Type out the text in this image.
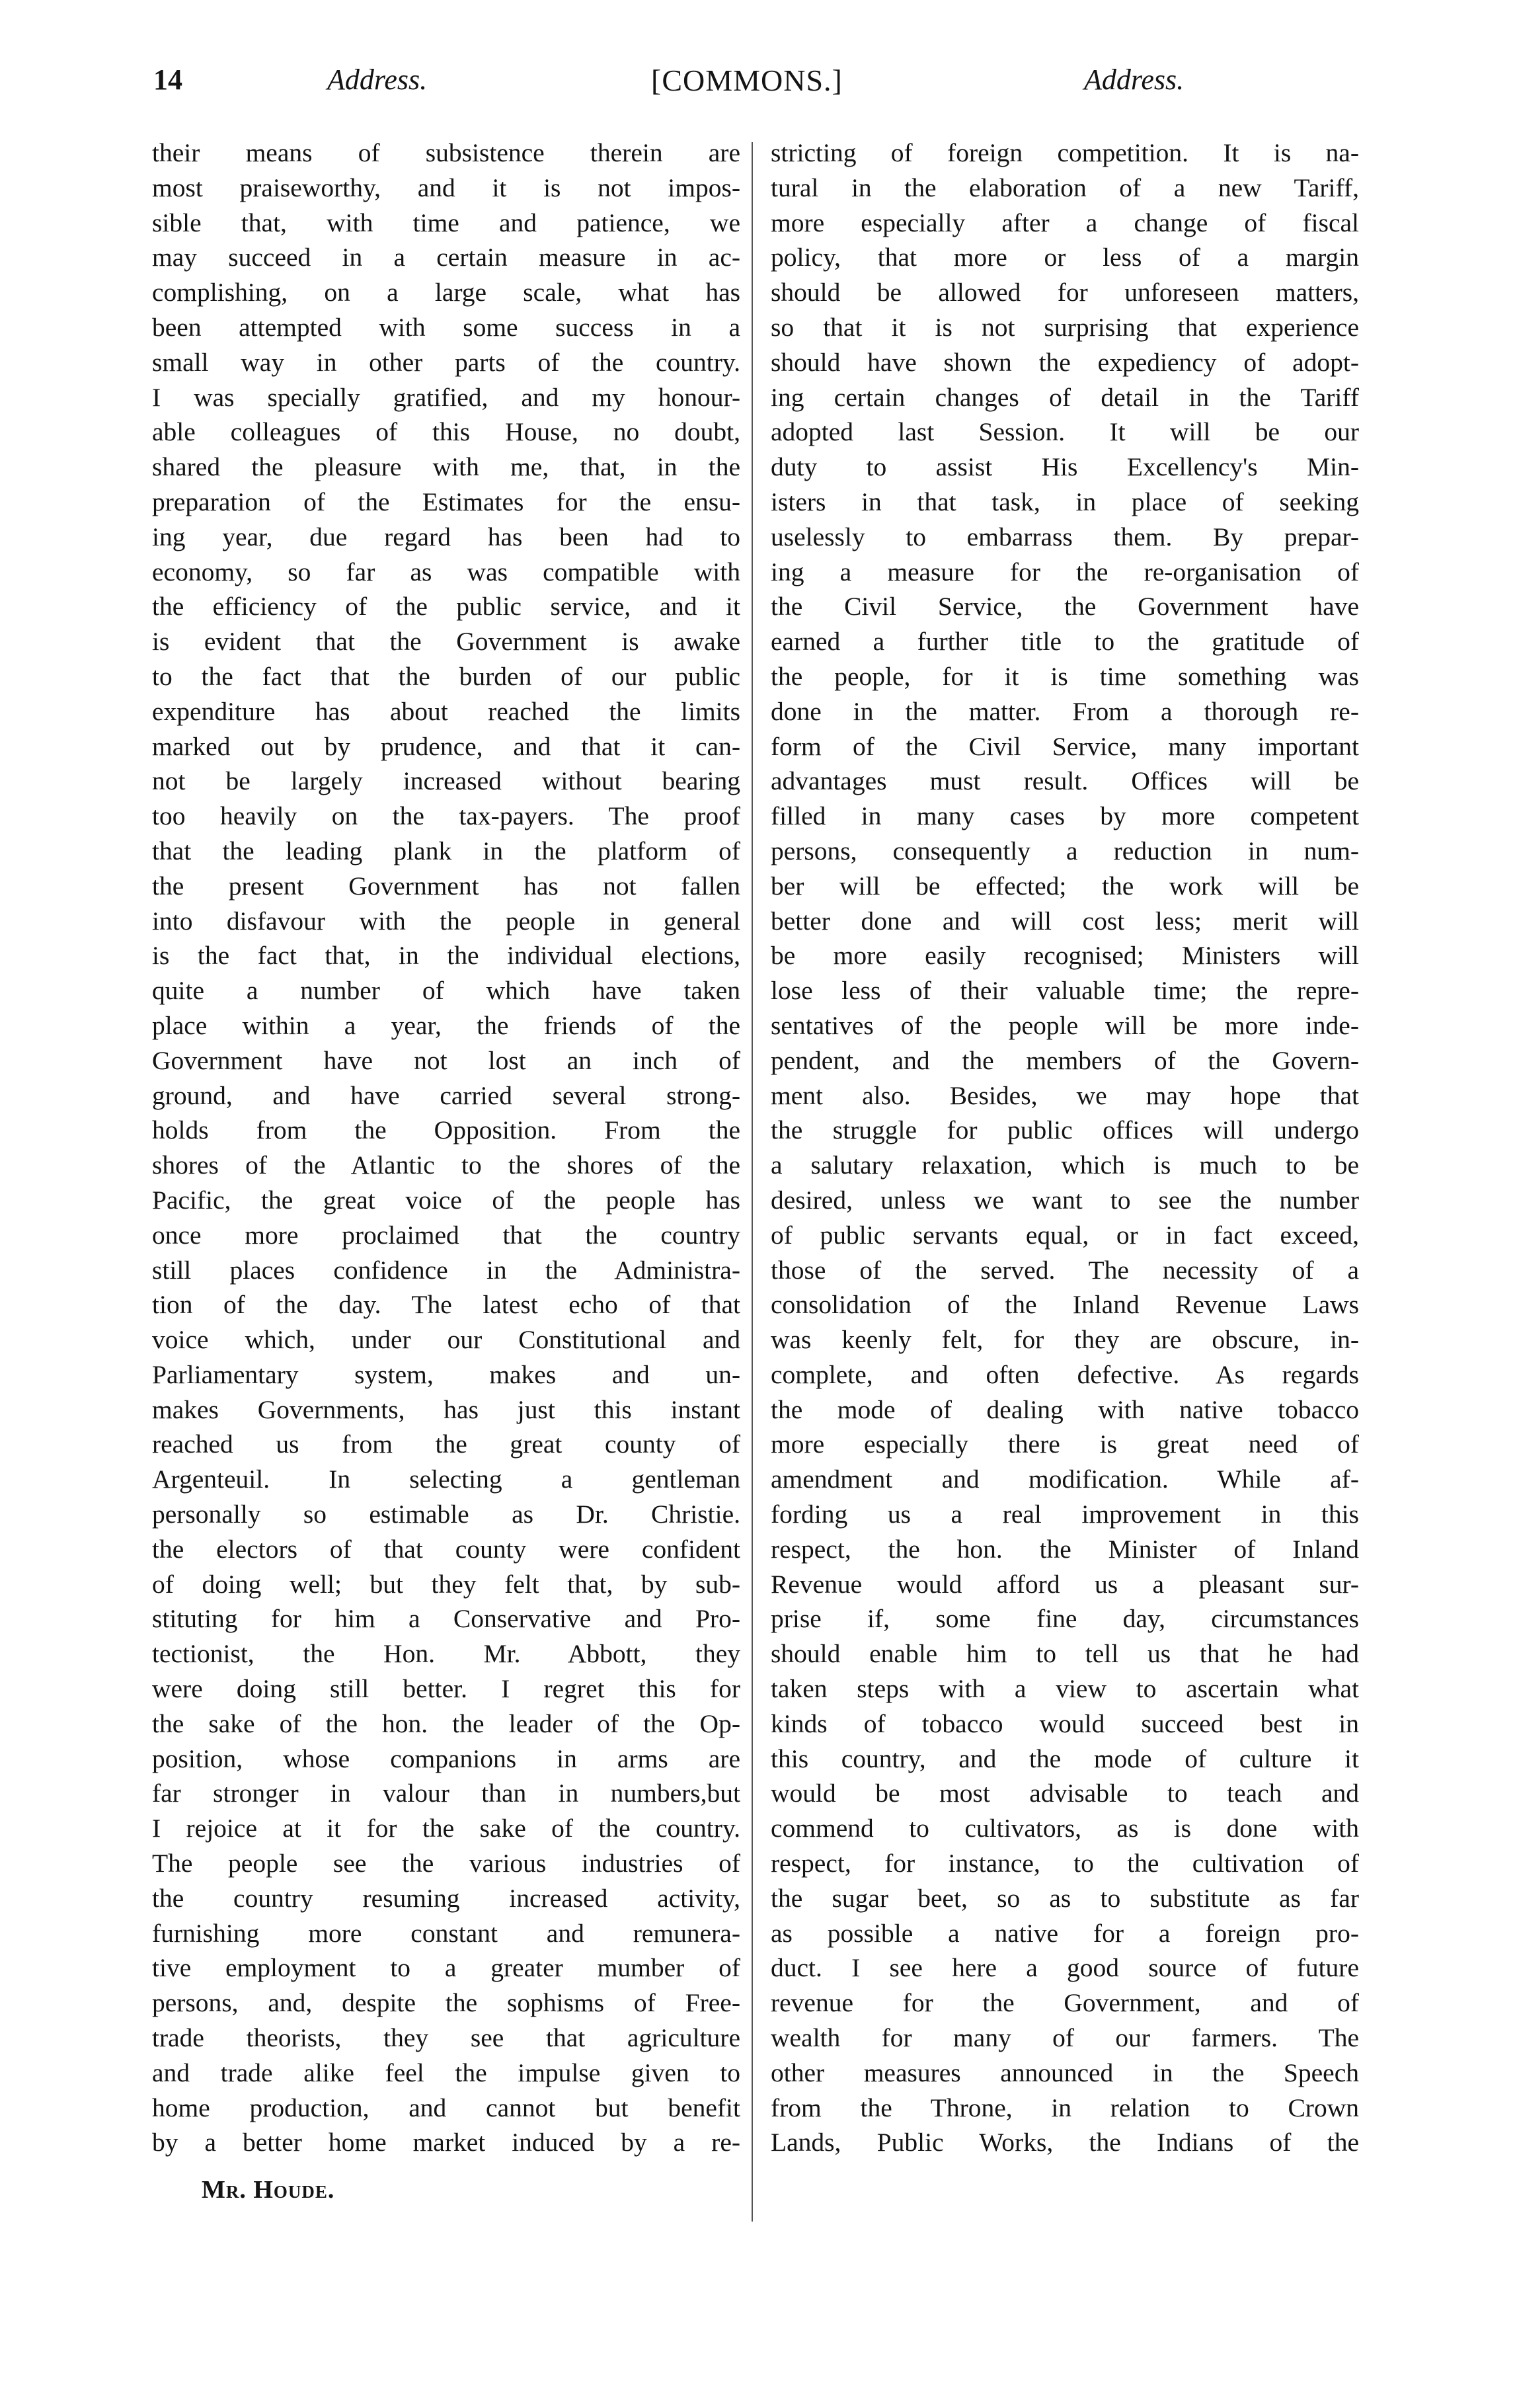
14	Address.	[COMMONS.]	Address.
their means of subsistence therein are
most praiseworthy, and it is not impos-
sible that, with time and patience, we
may succeed in a certain measure in ac-
complishing, on a large scale, what has
been attempted with some success in a
small way in other parts of the country.
I was specially gratified, and my honour-
able colleagues of this House, no doubt,
shared the pleasure with me, that, in the
preparation of the Estimates for the ensu-
ing year, due regard has been had to
economy, so far as was compatible with
the efficiency of the public service, and it
is evident that the Government is awake
to the fact that the burden of our public
expenditure has about reached the limits
marked out by prudence, and that it can-
not be largely increased without bearing
too heavily on the tax-payers. The proof
that the leading plank in the platform of
the present Government has not fallen
into disfavour with the people in general
is the fact that, in the individual elections,
quite a number of which have taken
place within a year, the friends of the
Government have not lost an inch of
ground, and have carried several strong-
holds from the Opposition. From the
shores of the Atlantic to the shores of the
Pacific, the great voice of the people has
once more proclaimed that the country
still places confidence in the Administra-
tion of the day. The latest echo of that
voice which, under our Constitutional and
Parliamentary system, makes and un-
makes Governments, has just this instant
reached us from the great county of
Argenteuil. In selecting a gentleman
personally so estimable as Dr. Christie.
the electors of that county were confident
of doing well; but they felt that, by sub-
stituting for him a Conservative and Pro-
tectionist, the Hon. Mr. Abbott, they
were doing still better. I regret this for
the sake of the hon. the leader of the Op-
position, whose companions in arms are
far stronger in valour than in numbers,but
I rejoice at it for the sake of the country.
The people see the various industries of
the country resuming increased activity,
furnishing more constant and remunera-
tive employment to a greater mumber of
persons, and, despite the sophisms of Free-
trade theorists, they see that agriculture
and trade alike feel the impulse given to
home production, and cannot but benefit
by a better home market induced by a re-
stricting of foreign competition. It is na-
tural in the elaboration of a new Tariff,
more especially after a change of fiscal
policy, that more or less of a margin
should be allowed for unforeseen matters,
so that it is not surprising that experience
should have shown the expediency of adopt-
ing certain changes of detail in the Tariff
adopted last Session. It will be our
duty to assist His Excellency's Min-
isters in that task, in place of seeking
uselessly to embarrass them. By prepar-
ing a measure for the re-organisation of
the Civil Service, the Government have
earned a further title to the gratitude of
the people, for it is time something was
done in the matter. From a thorough re-
form of the Civil Service, many important
advantages must result. Offices will be
filled in many cases by more competent
persons, consequently a reduction in num-
ber will be effected; the work will be
better done and will cost less; merit will
be more easily recognised; Ministers will
lose less of their valuable time; the repre-
sentatives of the people will be more inde-
pendent, and the members of the Govern-
ment also. Besides, we may hope that
the struggle for public offices will undergo
a salutary relaxation, which is much to be
desired, unless we want to see the number
of public servants equal, or in fact exceed,
those of the served. The necessity of a
consolidation of the Inland Revenue Laws
was keenly felt, for they are obscure, in-
complete, and often defective. As regards
the mode of dealing with native tobacco
more especially there is great need of
amendment and modification. While af-
fording us a real improvement in this
respect, the hon. the Minister of Inland
Revenue would afford us a pleasant sur-
prise if, some fine day, circumstances
should enable him to tell us that he had
taken steps with a view to ascertain what
kinds of tobacco would succeed best in
this country, and the mode of culture it
would be most advisable to teach and
commend to cultivators, as is done with
respect, for instance, to the cultivation of
the sugar beet, so as to substitute as far
as possible a native for a foreign pro-
duct. I see here a good source of future
revenue for the Government, and of
wealth for many of our farmers. The
other measures announced in the Speech
from the Throne, in relation to Crown
Lands, Public Works, the Indians of the
Mr. Houde.
